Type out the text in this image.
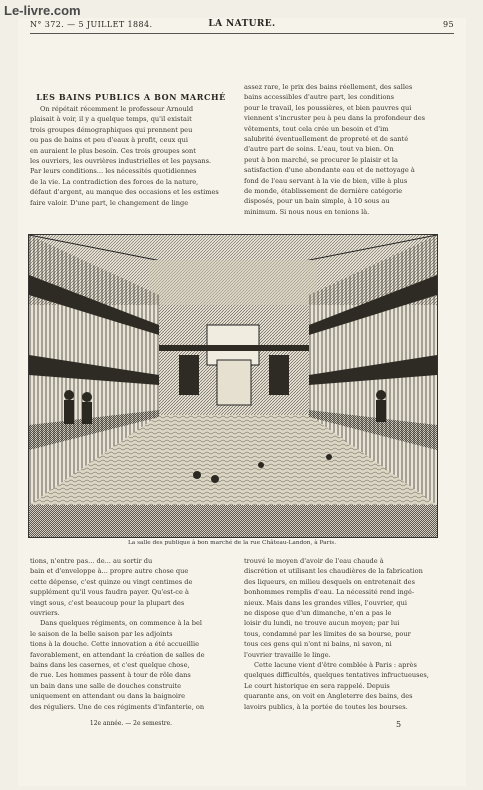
Le-livre.com
N° 372. — 5 JUILLET 1884.	LA NATURE.	95
LES BAINS PUBLICS A BON MARCHÉ

On répétait récemment le professeur Arnould

plaisait à voir, il y a quelque temps, qu'il existait
trois groupes démographiques qui prennent peu
ou pas de bains et peu d'eaux à profit, ceux qui
en auraient le plus besoin. Ces trois groupes sont
les ouvriers, les ouvrières industrielles et les paysans.
Par leurs conditions... les nécessités quotidiennes
de la vie. La contradiction des forces de la nature,
défaut d'argent, au manque des occasions et les estimes
faire valoir. D'une part, le changement de linge
assez rare, le prix des bains réellement, des salles
bains accessibles d'autre part, les conditions
pour le travail, les poussières, et bien pauvres qui
viennent s'incruster peu à peu dans la profondeur des
vêtements, tout cela crée un besoin et d'im
salubrité éventuellement de propreté et de santé
d'autre part de soins. L'eau, tout va bien. On
peut à bon marché, se procurer le plaisir et la
satisfaction d'une abondante eau et de nettoyage à
fond de l'eau servant à la vie de bien, ville à plus
de monde, établissement de dernière catégorie
disposés, pour un bain simple, à 10 sous au
minimum. Si nous nous en tenions là.
La salle des publique à bon marché de la rue Château-Landon, à Paris.
tions, n'entre pas... de... au sortir du
bain et d'enveloppe à... propre autre chose que
cette dépense, c'est quinze ou vingt centimes de
supplément qu'il vous faudra payer. Qu'est-ce à
vingt sous, c'est beaucoup pour la plupart des
ouvriers.

Dans quelques régiments, on commence à la bel

le saison de la belle saison par les adjoints
tions à la douche. Cette innovation a été accueillie
favorablement, en attendant la création de salles de
bains dans les casernes, et c'est quelque chose,
de rue. Les hommes passent à tour de rôle dans
un bain dans une salle de douches construite
uniquement en attendant ou dans la baignoire
des réguliers. Une de ces régiments d'infanterie, on
trouvé le moyen d'avoir de l'eau chaude à
discrétion et utilisant les chaudières de la fabrication
des liqueurs, en milieu desquels on entretenait des
bonhommes remplis d'eau. La nécessité rend ingé-
nieux. Mais dans les grandes villes, l'ouvrier, qui
ne dispose que d'un dimanche, n'en a pas le
loisir du lundi, ne trouve aucun moyen; par lui
tous, condamné par les limites de sa bourse, pour
tous ces gens qui n'ont ni bains, ni savon, ni
l'ouvrier travaille le linge.

Cette lacune vient d'être comblée à Paris : après

quelques difficultés, quelques tentatives infructueuses,
Le court historique en sera rappelé. Depuis
quarante ans, on voit en Angleterre des bains, des
lavoirs publics, à la portée de toutes les bourses.
12e année. — 2e semestre.	5
